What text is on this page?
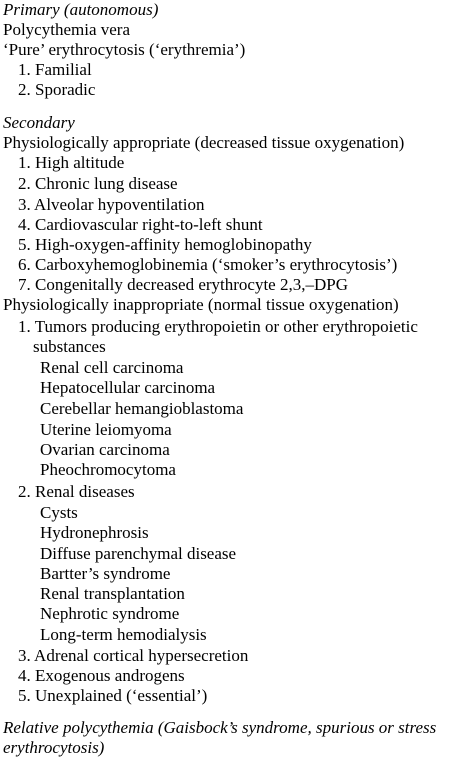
Primary (autonomous)
Polycythemia vera
‘Pure’ erythrocytosis (‘erythremia’)
1. Familial
2. Sporadic
Secondary
Physiologically appropriate (decreased tissue oxygenation)
1. High altitude
2. Chronic lung disease
3. Alveolar hypoventilation
4. Cardiovascular right-to-left shunt
5. High-oxygen-affinity hemoglobinopathy
6. Carboxyhemoglobinemia (‘smoker’s erythrocytosis’)
7. Congenitally decreased erythrocyte 2,3,–DPG
Physiologically inappropriate (normal tissue oxygenation)
1. Tumors producing erythropoietin or other erythropoietic
substances
Renal cell carcinoma
Hepatocellular carcinoma
Cerebellar hemangioblastoma
Uterine leiomyoma
Ovarian carcinoma
Pheochromocytoma
2. Renal diseases
Cysts
Hydronephrosis
Diffuse parenchymal disease
Bartter’s syndrome
Renal transplantation
Nephrotic syndrome
Long-term hemodialysis
3. Adrenal cortical hypersecretion
4. Exogenous androgens
5. Unexplained (‘essential’)
Relative polycythemia (Gaisbock’s syndrome, spurious or stress
erythrocytosis)
